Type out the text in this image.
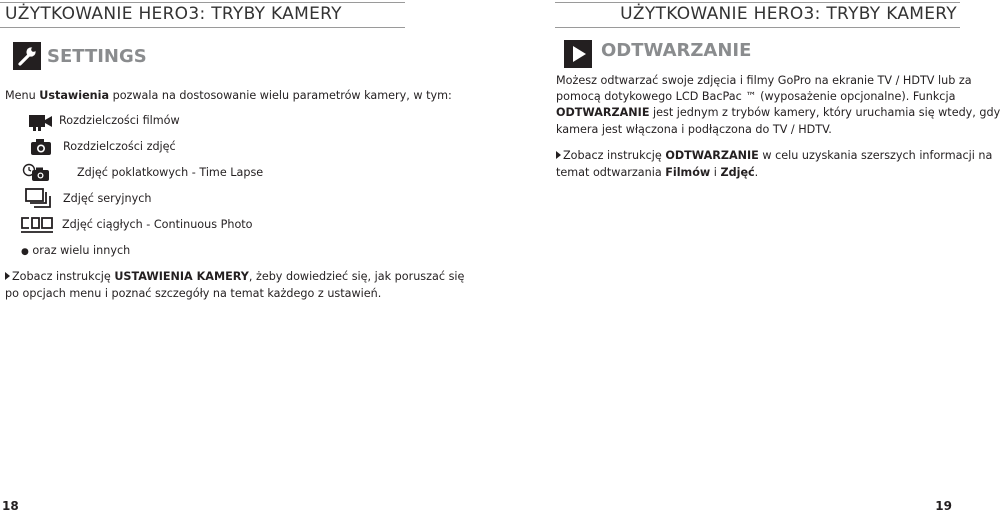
UŻYTKOWANIE HERO3: TRYBY KAMERY
SETTINGS
Menu Ustawienia pozwala na dostosowanie wielu parametrów kamery, w tym:
Rozdzielczości filmów
Rozdzielczości zdjęć
Zdjęć poklatkowych - Time Lapse
Zdjęć seryjnych
Zdjęć ciągłych - Continuous Photo
● oraz wielu innych
Zobacz instrukcję USTAWIENIA KAMERY, żeby dowiedzieć się, jak poruszać się
po opcjach menu i poznać szczegóły na temat każdego z ustawień.
18
UŻYTKOWANIE HERO3: TRYBY KAMERY
ODTWARZANIE
Możesz odtwarzać swoje zdjęcia i filmy GoPro na ekranie TV / HDTV lub za
pomocą dotykowego LCD BacPac ™ (wyposażenie opcjonalne). Funkcja
ODTWARZANIE jest jednym z trybów kamery, który uruchamia się wtedy, gdy
kamera jest włączona i podłączona do TV / HDTV.
Zobacz instrukcję ODTWARZANIE w celu uzyskania szerszych informacji na
temat odtwarzania Filmów i Zdjęć.
19
